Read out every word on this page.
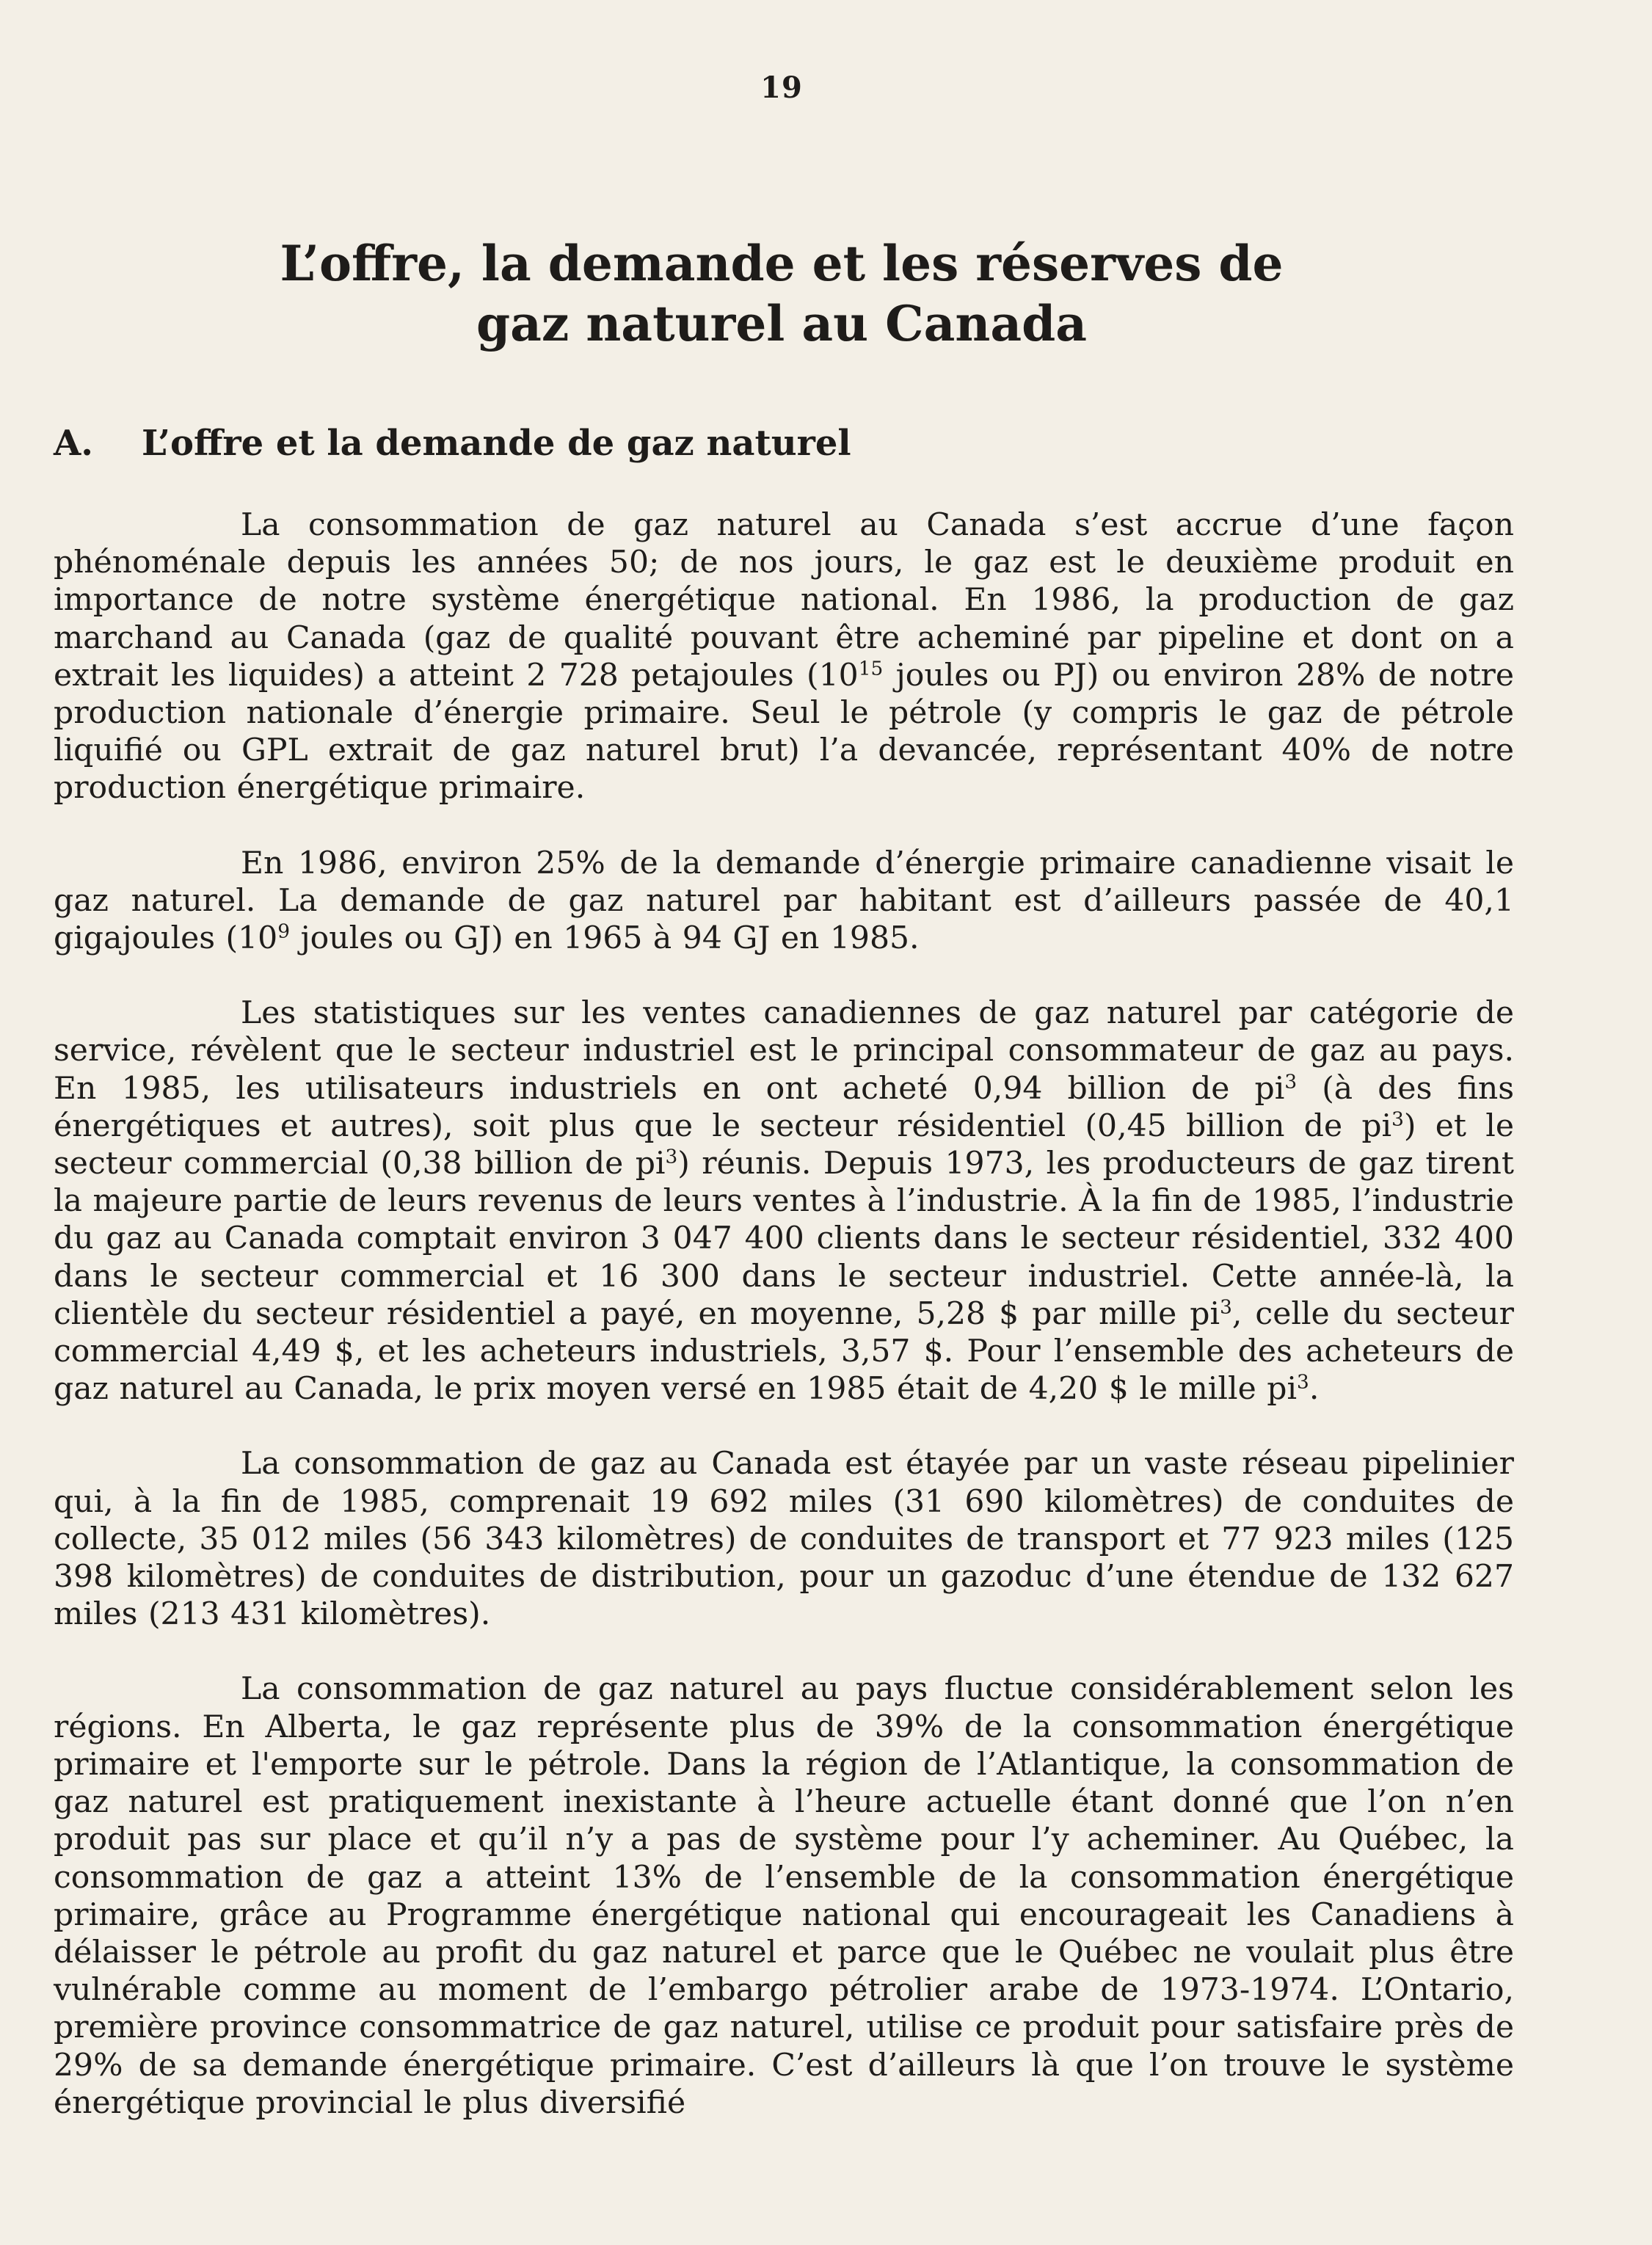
19
L’offre, la demande et les réserves de
gaz naturel au Canada
A. L’offre et la demande de gaz naturel

La consommation de gaz naturel au Canada s’est accrue d’une façon phénoménale depuis les années 50; de nos jours, le gaz est le deuxième produit en importance de notre système énergétique national. En 1986, la production de gaz marchand au Canada (gaz de qualité pouvant être acheminé par pipeline et dont on a extrait les liquides) a atteint 2 728 petajoules ($10^{15}$ joules ou PJ) ou environ 28% de notre production nationale d’énergie primaire. Seul le pétrole (y compris le gaz de pétrole liquifié ou GPL extrait de gaz naturel brut) l’a devancée, représentant 40% de notre production énergétique primaire.

En 1986, environ 25% de la demande d’énergie primaire canadienne visait le gaz naturel. La demande de gaz naturel par habitant est d’ailleurs passée de 40,1 gigajoules ($10^9$ joules ou GJ) en 1965 à 94 GJ en 1985.

Les statistiques sur les ventes canadiennes de gaz naturel par catégorie de service, révèlent que le secteur industriel est le principal consommateur de gaz au pays. En 1985, les utilisateurs industriels en ont acheté 0,94 billion de $pi^3$ (à des fins énergétiques et autres), soit plus que le secteur résidentiel (0,45 billion de $pi^3$) et le secteur commercial (0,38 billion de $pi^3$) réunis. Depuis 1973, les producteurs de gaz tirent la majeure partie de leurs revenus de leurs ventes à l’industrie. À la fin de 1985, l’industrie du gaz au Canada comptait environ 3 047 400 clients dans le secteur résidentiel, 332 400 dans le secteur commercial et 16 300 dans le secteur industriel. Cette année-là, la clientèle du secteur résidentiel a payé, en moyenne, 5,28 $ par mille $pi^3$, celle du secteur commercial 4,49 $, et les acheteurs industriels, 3,57 $. Pour l’ensemble des acheteurs de gaz naturel au Canada, le prix moyen versé en 1985 était de 4,20 $ le mille $pi^3$.

La consommation de gaz au Canada est étayée par un vaste réseau pipelinier qui, à la fin de 1985, comprenait 19 692 miles (31 690 kilomètres) de conduites de collecte, 35 012 miles (56 343 kilomètres) de conduites de transport et 77 923 miles (125 398 kilomètres) de conduites de distribution, pour un gazoduc d’une étendue de 132 627 miles (213 431 kilomètres).

La consommation de gaz naturel au pays fluctue considérablement selon les régions. En Alberta, le gaz représente plus de 39% de la consommation énergétique primaire et l'emporte sur le pétrole. Dans la région de l’Atlantique, la consommation de gaz naturel est pratiquement inexistante à l’heure actuelle étant donné que l’on n’en produit pas sur place et qu’il n’y a pas de système pour l’y acheminer. Au Québec, la consommation de gaz a atteint 13% de l’ensemble de la consommation énergétique primaire, grâce au Programme énergétique national qui encourageait les Canadiens à délaisser le pétrole au profit du gaz naturel et parce que le Québec ne voulait plus être vulnérable comme au moment de l’embargo pétrolier arabe de 1973-1974. L’Ontario, première province consommatrice de gaz naturel, utilise ce produit pour satisfaire près de 29% de sa demande énergétique primaire. C’est d’ailleurs là que l’on trouve le système énergétique provincial le plus diversifié
